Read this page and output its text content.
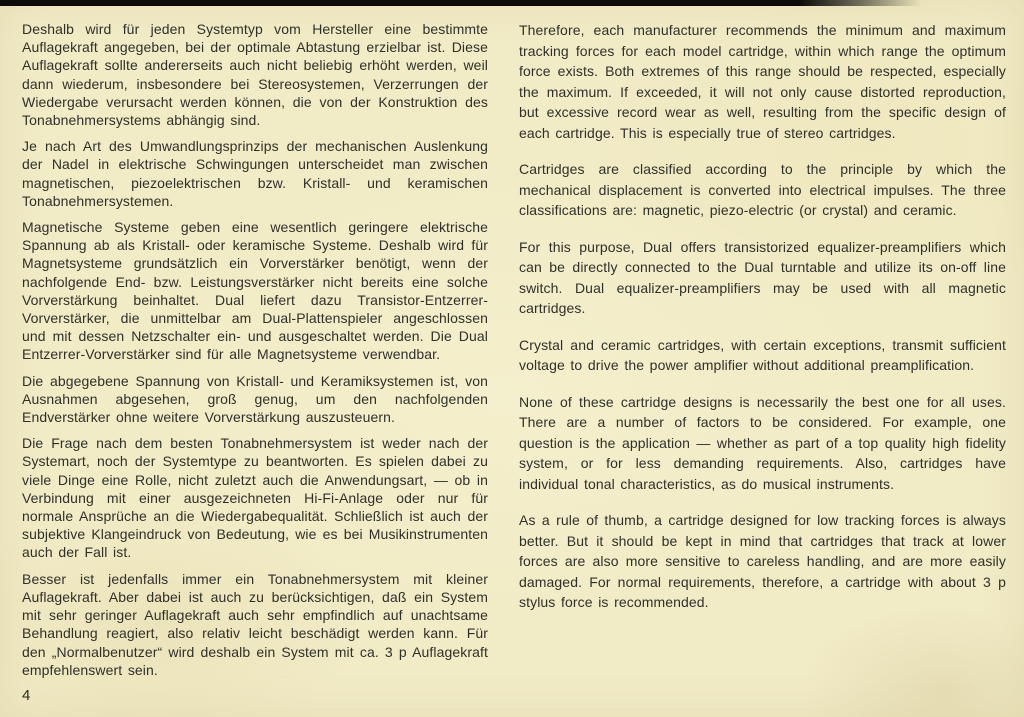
Deshalb wird für jeden Systemtyp vom Hersteller eine bestimmte Auflagekraft angegeben, bei der optimale Abtastung erzielbar ist. Diese Auflagekraft sollte andererseits auch nicht beliebig erhöht werden, weil dann wiederum, insbesondere bei Stereosystemen, Verzerrungen der Wiedergabe verursacht werden können, die von der Konstruktion des Tonabnehmersystems abhängig sind.

Je nach Art des Umwandlungsprinzips der mechanischen Auslenkung der Nadel in elektrische Schwingungen unterscheidet man zwischen magnetischen, piezoelektrischen bzw. Kristall- und keramischen Tonabnehmersystemen.

Magnetische Systeme geben eine wesentlich geringere elektrische Spannung ab als Kristall- oder keramische Systeme. Deshalb wird für Magnetsysteme grundsätzlich ein Vorverstärker benötigt, wenn der nachfolgende End- bzw. Leistungsverstärker nicht bereits eine solche Vorverstärkung beinhaltet. Dual liefert dazu Transistor-Entzerrer-Vorverstärker, die unmittelbar am Dual-Plattenspieler angeschlossen und mit dessen Netzschalter ein- und ausgeschaltet werden. Die Dual Entzerrer-Vorverstärker sind für alle Magnetsysteme verwendbar.

Die abgegebene Spannung von Kristall- und Keramiksystemen ist, von Ausnahmen abgesehen, groß genug, um den nachfolgenden Endverstärker ohne weitere Vorverstärkung auszusteuern.

Die Frage nach dem besten Tonabnehmersystem ist weder nach der Systemart, noch der Systemtype zu beantworten. Es spielen dabei zu viele Dinge eine Rolle, nicht zuletzt auch die Anwendungsart, — ob in Verbindung mit einer ausgezeichneten Hi-Fi-Anlage oder nur für normale Ansprüche an die Wiedergabequalität. Schließlich ist auch der subjektive Klangeindruck von Bedeutung, wie es bei Musikinstrumenten auch der Fall ist.

Besser ist jedenfalls immer ein Tonabnehmersystem mit kleiner Auflagekraft. Aber dabei ist auch zu berücksichtigen, daß ein System mit sehr geringer Auflagekraft auch sehr empfindlich auf unachtsame Behandlung reagiert, also relativ leicht beschädigt werden kann. Für den „Normalbenutzer“ wird deshalb ein System mit ca. 3 p Auflagekraft empfehlenswert sein.

Therefore, each manufacturer recommends the minimum and maximum tracking forces for each model cartridge, within which range the optimum force exists. Both extremes of this range should be respected, especially the maximum. If exceeded, it will not only cause distorted reproduction, but excessive record wear as well, resulting from the specific design of each cartridge. This is especially true of stereo cartridges.

Cartridges are classified according to the principle by which the mechanical displacement is converted into electrical impulses. The three classifications are: magnetic, piezo-electric (or crystal) and ceramic.

For this purpose, Dual offers transistorized equalizer-preamplifiers which can be directly connected to the Dual turntable and utilize its on-off line switch. Dual equalizer-preamplifiers may be used with all magnetic cartridges.

Crystal and ceramic cartridges, with certain exceptions, transmit sufficient voltage to drive the power amplifier without additional preamplification.

None of these cartridge designs is necessarily the best one for all uses. There are a number of factors to be considered. For example, one question is the application — whether as part of a top quality high fidelity system, or for less demanding requirements. Also, cartridges have individual tonal characteristics, as do musical instruments.

As a rule of thumb, a cartridge designed for low tracking forces is always better. But it should be kept in mind that cartridges that track at lower forces are also more sensitive to careless handling, and are more easily damaged. For normal requirements, therefore, a cartridge with about 3 p stylus force is recommended.

4
